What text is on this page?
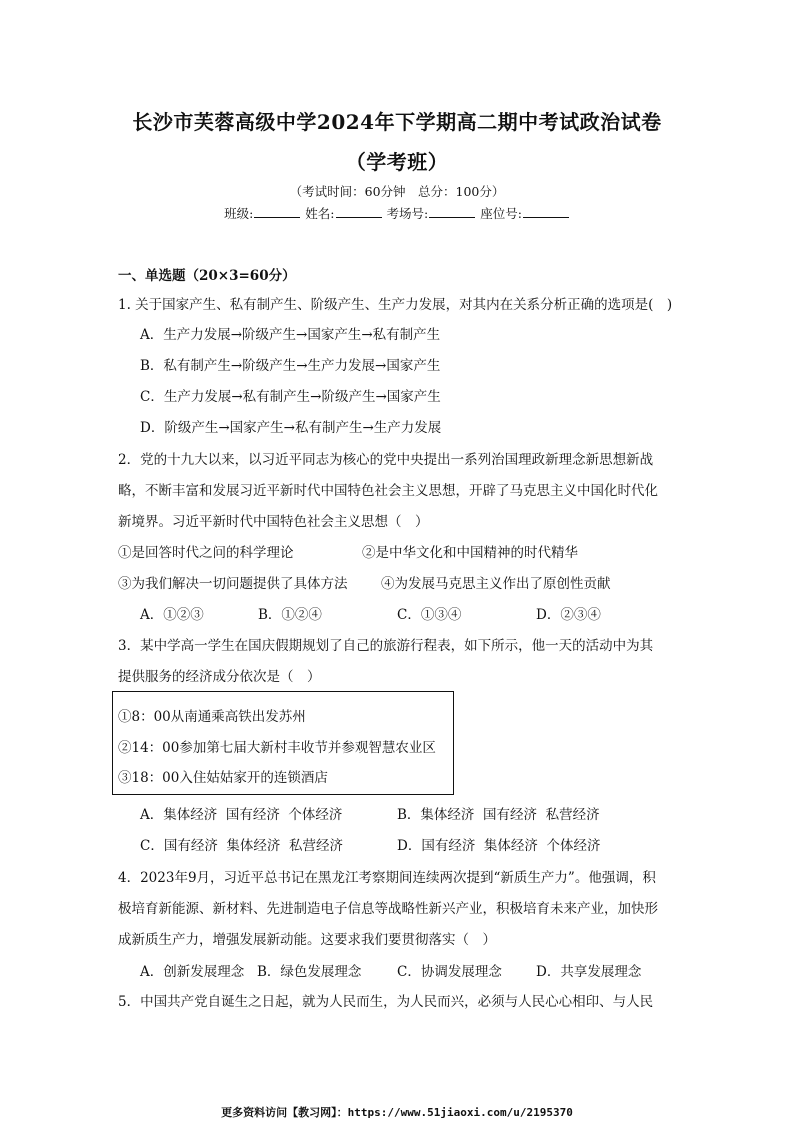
长沙市芙蓉高级中学2024年下学期高二期中考试政治试卷
（学考班）
（考试时间：60分钟　总分：100分）
班级:	姓名:	考场号:	座位号:
一、单选题（20×3=60分）
1. 关于国家产生、私有制产生、阶级产生、生产力发展，对其内在关系分析正确的选项是(　)
A．生产力发展→阶级产生→国家产生→私有制产生
B．私有制产生→阶级产生→生产力发展→国家产生
C．生产力发展→私有制产生→阶级产生→国家产生
D．阶级产生→国家产生→私有制产生→生产力发展
2．党的十九大以来，以习近平同志为核心的党中央提出一系列治国理政新理念新思想新战
略，不断丰富和发展习近平新时代中国特色社会主义思想，开辟了马克思主义中国化时代化
新境界。习近平新时代中国特色社会主义思想（　）
①是回答时代之问的科学理论	②是中华文化和中国精神的时代精华
③为我们解决一切问题提供了具体方法 ④为发展马克思主义作出了原创性贡献
A．①②③	B．①②④	C．①③④	D．②③④
3．某中学高一学生在国庆假期规划了自己的旅游行程表，如下所示，他一天的活动中为其
提供服务的经济成分依次是（　）
①8：00从南通乘高铁出发苏州
②14：00参加第七届大新村丰收节并参观智慧农业区
③18：00入住姑姑家开的连锁酒店
A．集体经济  国有经济  个体经济	B．集体经济  国有经济  私营经济
C．国有经济  集体经济  私营经济	D．国有经济  集体经济  个体经济
4．2023年9月，习近平总书记在黑龙江考察期间连续两次提到“新质生产力”。他强调，积
极培育新能源、新材料、先进制造电子信息等战略性新兴产业，积极培育未来产业，加快形
成新质生产力，增强发展新动能。这要求我们要贯彻落实（　）
A．创新发展理念 B．绿色发展理念	C．协调发展理念	D．共享发展理念
5．中国共产党自诞生之日起，就为人民而生，为人民而兴，必须与人民心心相印、与人民
更多资料访问【教习网】：https://www.51jiaoxi.com/u/2195370
